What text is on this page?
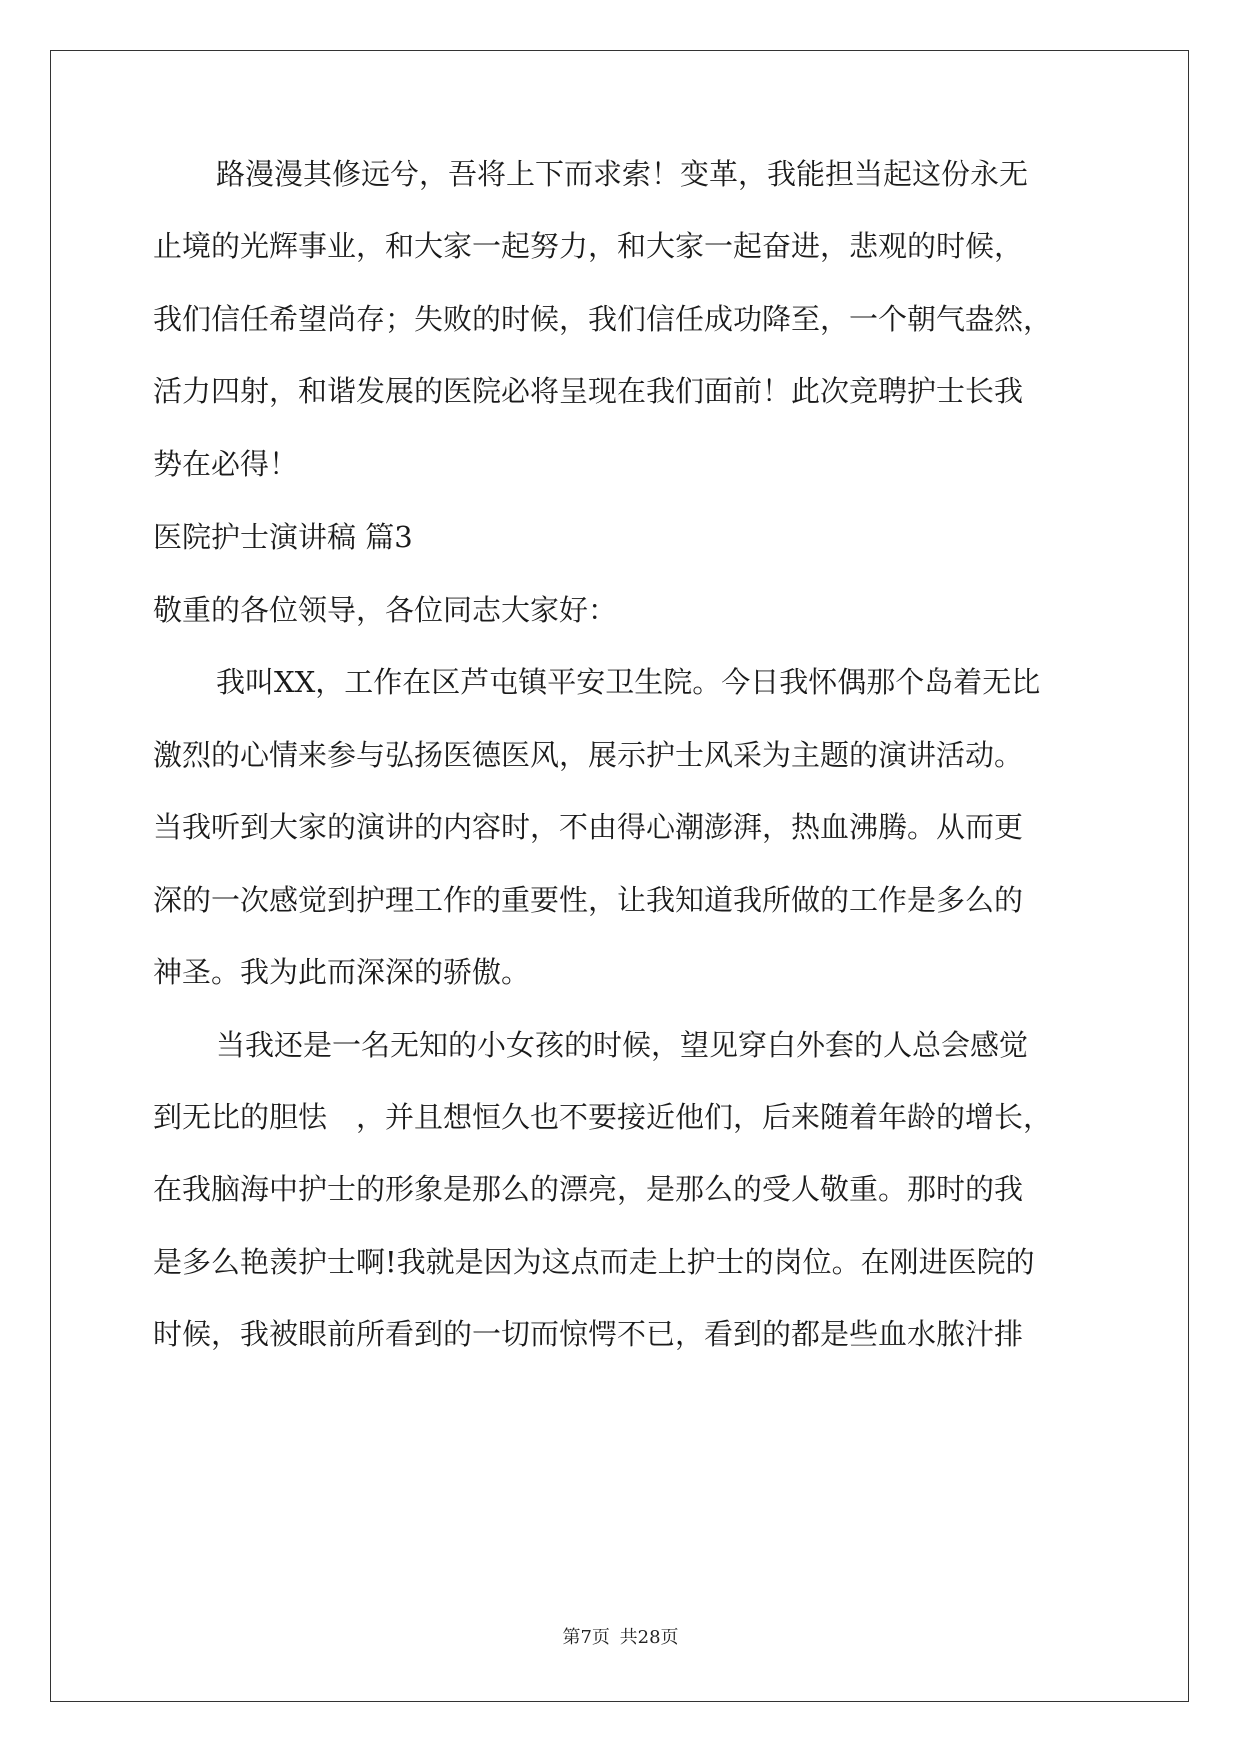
路漫漫其修远兮，吾将上下而求索！变革，我能担当起这份永无
止境的光辉事业，和大家一起努力，和大家一起奋进，悲观的时候，
我们信任希望尚存；失败的时候，我们信任成功降至，一个朝气盎然，
活力四射，和谐发展的医院必将呈现在我们面前！此次竞聘护士长我
势在必得！
医院护士演讲稿 篇3
敬重的各位领导，各位同志大家好：
我叫XX，工作在区芦屯镇平安卫生院。今日我怀偶那个岛着无比
激烈的心情来参与弘扬医德医风，展示护士风采为主题的演讲活动。
当我听到大家的演讲的内容时，不由得心潮澎湃，热血沸腾。从而更
深的一次感觉到护理工作的重要性，让我知道我所做的工作是多么的
神圣。我为此而深深的骄傲。
当我还是一名无知的小女孩的时候，望见穿白外套的人总会感觉
到无比的胆怯　，并且想恒久也不要接近他们，后来随着年龄的增长，
在我脑海中护士的形象是那么的漂亮，是那么的受人敬重。那时的我
是多么艳羡护士啊!我就是因为这点而走上护士的岗位。在刚进医院的
时候，我被眼前所看到的一切而惊愕不已，看到的都是些血水脓汁排
第7页 共28页
